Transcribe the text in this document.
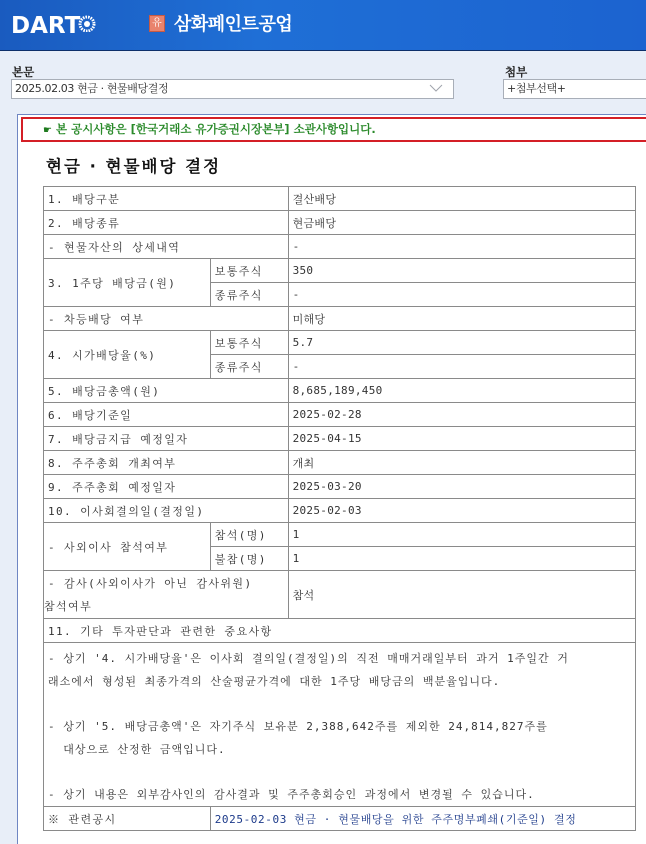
DART	유 삼화페인트공업
본문
2025.02.03 현금 · 현물배당결정
첨부
+첨부선택+
☛ 본 공시사항은 [한국거래소 유가증권시장본부] 소관사항입니다.
현금 · 현물배당 결정
1. 배당구분		결산배당
2. 배당종류		현금배당
- 현물자산의 상세내역		-
3. 1주당 배당금(원)	보통주식	350
	종류주식	-
- 차등배당 여부		미해당
4. 시가배당율(%)	보통주식	5.7
	종류주식	-
5. 배당금총액(원)		8,685,189,450
6. 배당기준일		2025-02-28
7. 배당금지급 예정일자		2025-04-15
8. 주주총회 개최여부		개최
9. 주주총회 예정일자		2025-03-20
10. 이사회결의일(결정일)		2025-02-03
- 사외이사 참석여부	참석(명)	1
	불참(명)	1

- 감사(사외이사가 아닌 감사위원)
참석여부		참석
11. 기타 투자판단과 관련한 중요사항		

- 상기 '4. 시가배당율'은 이사회 결의일(결정일)의 직전 매매거래일부터 과거 1주일간 거

래소에서 형성된 최종가격의 산술평균가격에 대한 1주당 배당금의 백분율입니다.

- 상기 '5. 배당금총액'은 자기주식 보유분 2,388,642주를 제외한 24,814,827주를

대상으로 산정한 금액입니다.

- 상기 내용은 외부감사인의 감사결과 및 주주총회승인 과정에서 변경될 수 있습니다.		

※ 관련공시	2025-02-03 현금 · 현물배당을 위한 주주명부폐쇄(기준일) 결정	
